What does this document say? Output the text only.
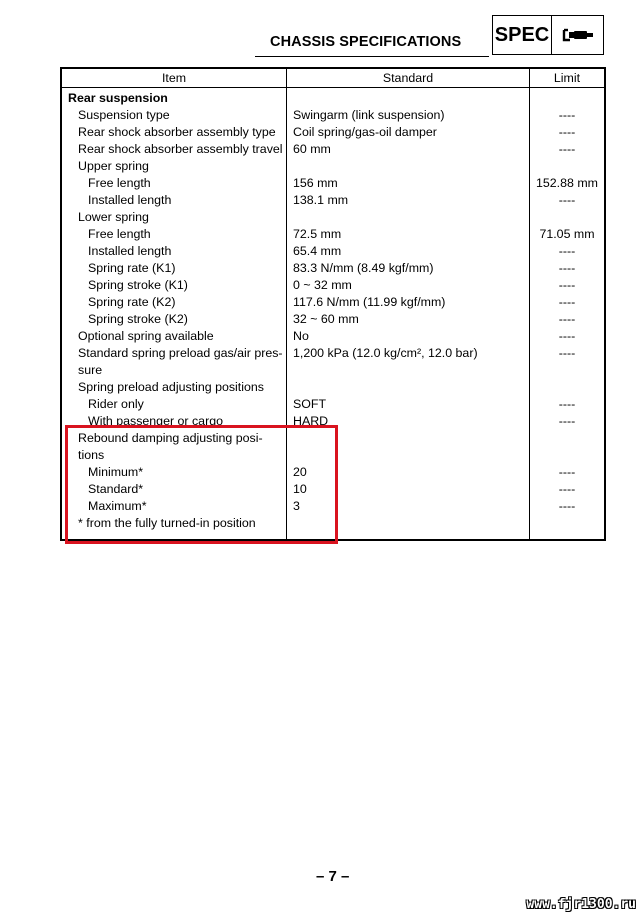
CHASSIS SPECIFICATIONS SPEC
Item	Standard	Limit
Rear suspension		

Suspension type	Swingarm (link suspension)	----

Rear shock absorber assembly type	Coil spring/gas-oil damper	----

Rear shock absorber assembly travel	60 mm	----

Upper spring		

Free length	156 mm	152.88 mm

Installed length	138.1 mm	----

Lower spring		

Free length	72.5 mm	71.05 mm

Installed length	65.4 mm	----

Spring rate (K1)	83.3 N/mm (8.49 kgf/mm)	----

Spring stroke (K1)	0 ~ 32 mm	----

Spring rate (K2)	117.6 N/mm (11.99 kgf/mm)	----

Spring stroke (K2)	32 ~ 60 mm	----

Optional spring available	No	----

Standard spring preload gas/air pres-sure	1,200 kPa (12.0 kg/cm², 12.0 bar)	----

Spring preload adjusting positions		

Rider only	SOFT	----

With passenger or cargo	HARD	----

Rebound damping adjusting posi-tions		

Minimum*	20	----

Standard*	10	----

Maximum*	3	----

* from the fully turned-in position		

– 7 –
www.fjr1300.ru
